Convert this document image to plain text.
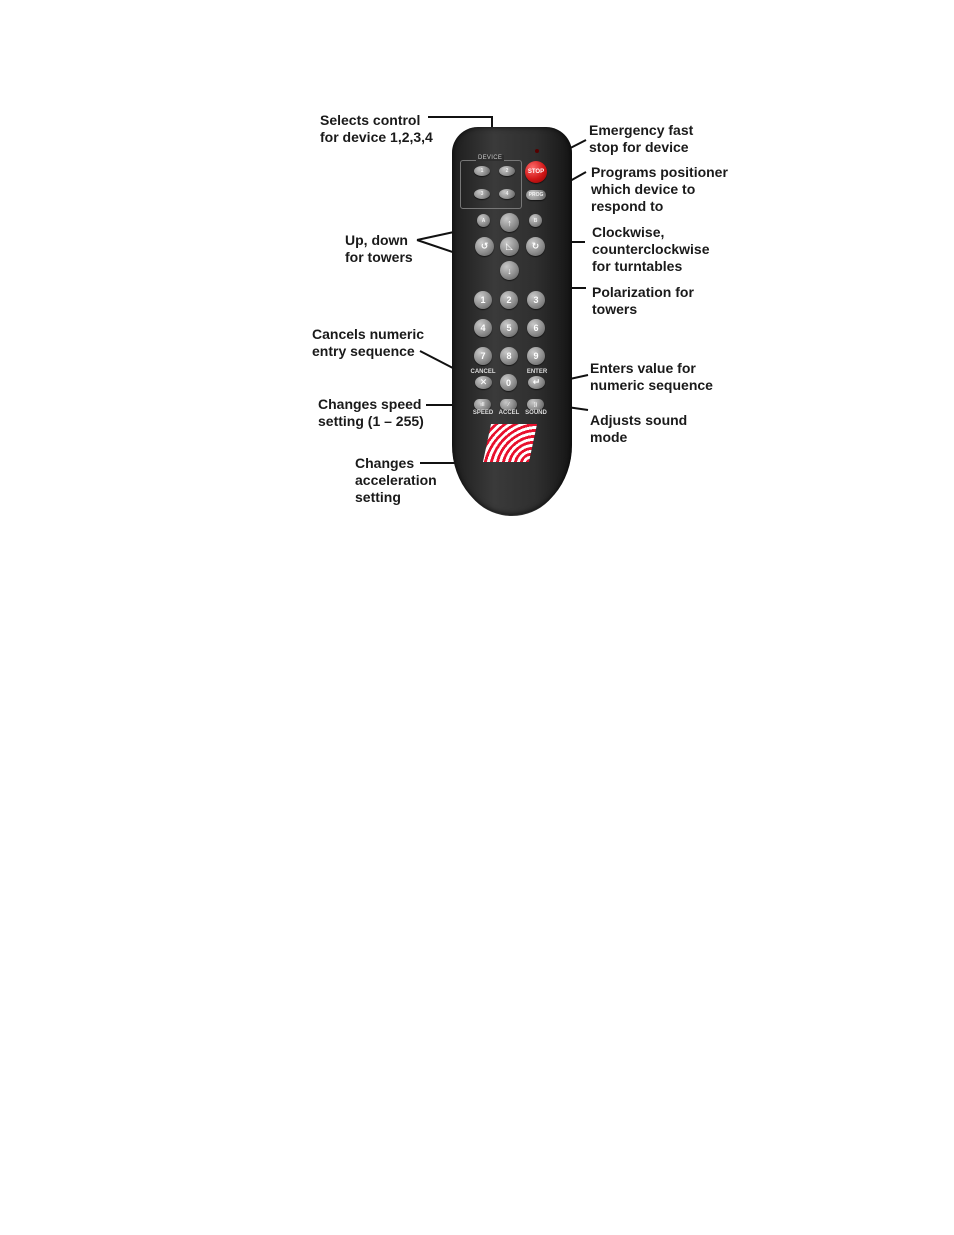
Selects control
for device 1,2,3,4	Emergency fast
stop for device
Programs positioner
which device to
respond to
Up, down
for towers
Clockwise,
counterclockwise
for turntables
Polarization for
towers
Cancels numeric
entry sequence
Enters value for
numeric sequence
Changes speed
setting (1 – 255)	Adjusts sound
mode
Changes
acceleration
setting
DEVICE
1	2
3	4
STOP
PROG
A	B
↑
↺	◺	↻
↓
1	2	3
4	5	6
7	8	9
CANCEL
✕	0
ENTER
↵
ıll	⁄	))
SPEED ACCEL SOUND
